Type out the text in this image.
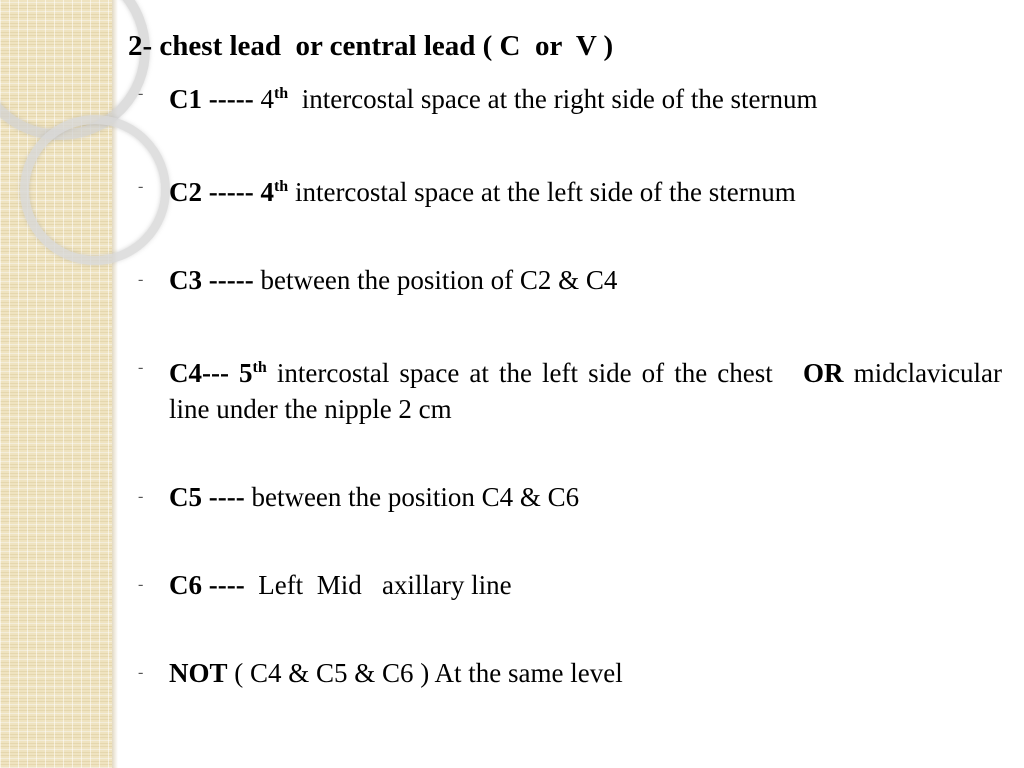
2- chest lead  or central lead ( C  or  V )

- C1 ----- 4th intercostal space at the right side of the sternum
- C2 ----- 4th intercostal space at the left side of the sternum
- C3 ----- between the position of C2 & C4
- C4--- 5th intercostal space at the left side of the chest OR midclavicular line under the nipple 2 cm
- C5 ---- between the position C4 & C6
- C6 ---- Left  Mid   axillary line
- NOT ( C4 & C5 & C6 ) At the same level
